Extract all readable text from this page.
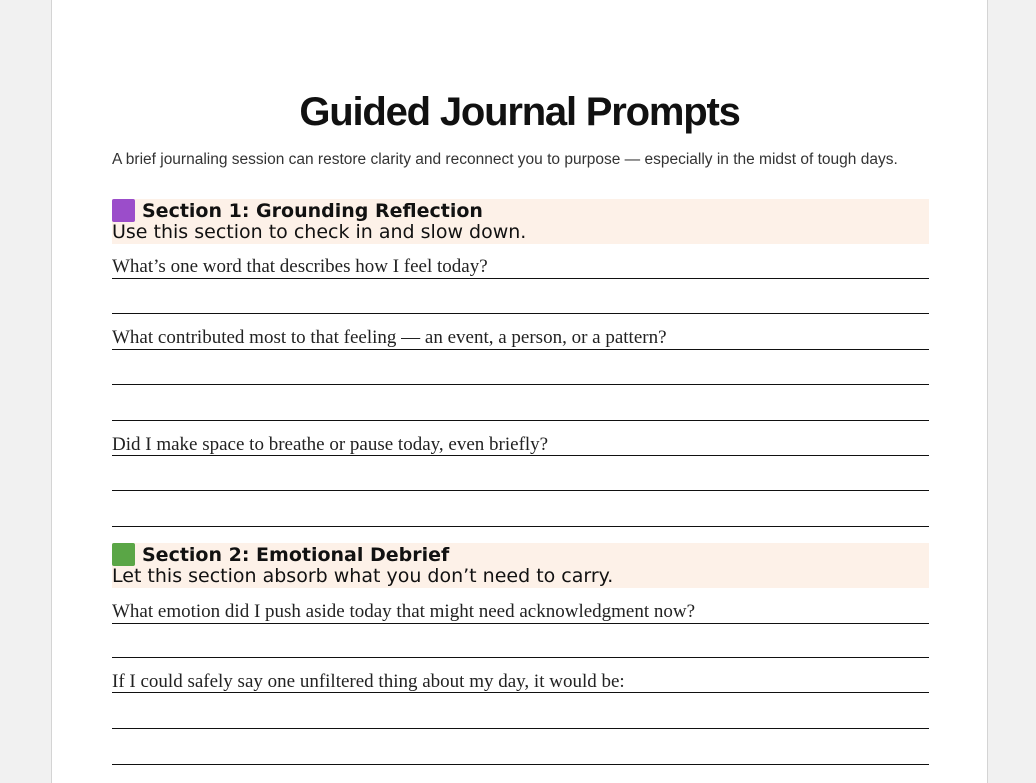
Guided Journal Prompts
A brief journaling session can restore clarity and reconnect you to purpose — especially in the midst of tough days.
Section 1: Grounding Reflection
Use this section to check in and slow down.
What’s one word that describes how I feel today?
What contributed most to that feeling — an event, a person, or a pattern?
Did I make space to breathe or pause today, even briefly?
Section 2: Emotional Debrief
Let this section absorb what you don’t need to carry.
What emotion did I push aside today that might need acknowledgment now?
If I could safely say one unfiltered thing about my day, it would be:
